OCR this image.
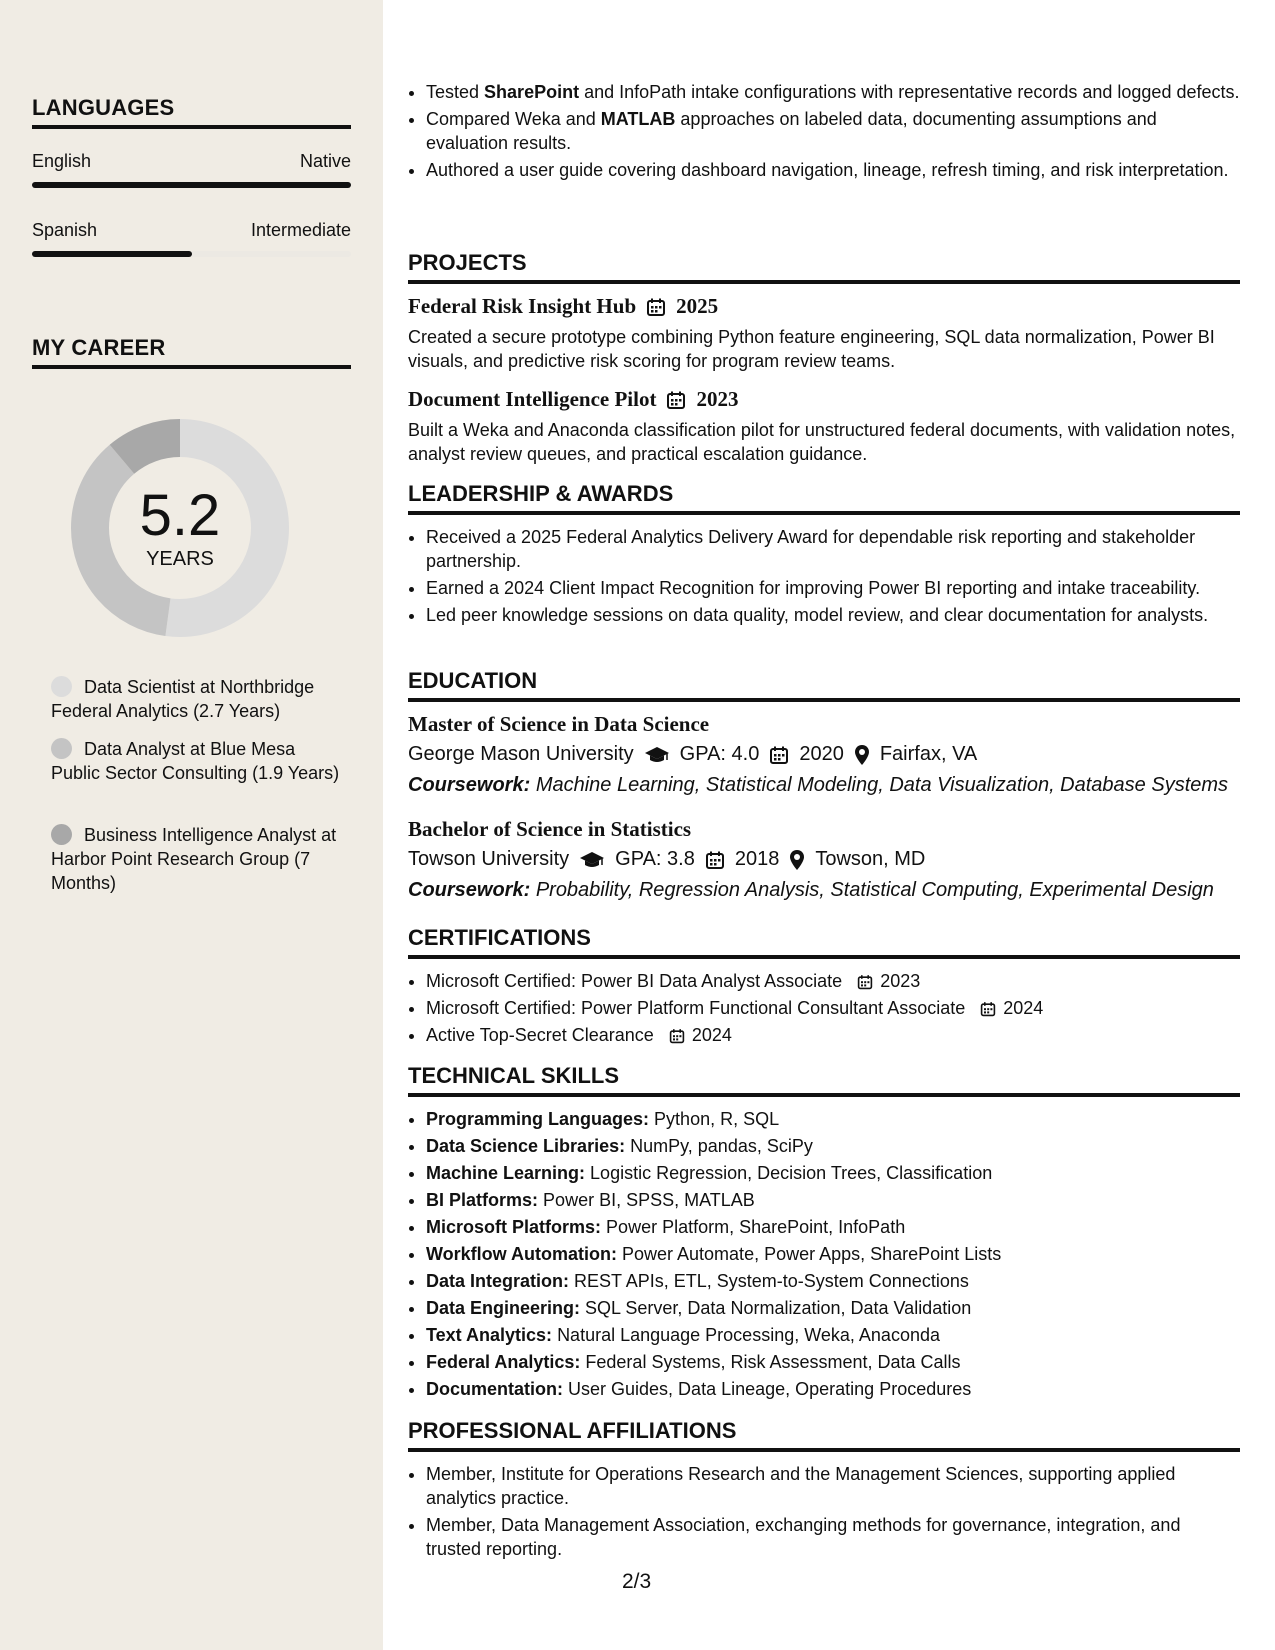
LANGUAGES
English	Native
Spanish	Intermediate
MY CAREER
5.2
YEARS
Data Scientist at Northbridge Federal Analytics (2.7 Years)
Data Analyst at Blue Mesa Public Sector Consulting (1.9 Years)
Business Intelligence Analyst at Harbor Point Research Group (7 Months)
• Tested SharePoint and InfoPath intake configurations with representative records and logged defects.
• Compared Weka and MATLAB approaches on labeled data, documenting assumptions and evaluation results.
• Authored a user guide covering dashboard navigation, lineage, refresh timing, and risk interpretation.
PROJECTS
Federal Risk Insight Hub 2025
Created a secure prototype combining Python feature engineering, SQL data normalization, Power BI visuals, and predictive risk scoring for program review teams.
Document Intelligence Pilot 2023
Built a Weka and Anaconda classification pilot for unstructured federal documents, with validation notes, analyst review queues, and practical escalation guidance.
LEADERSHIP & AWARDS
• Received a 2025 Federal Analytics Delivery Award for dependable risk reporting and stakeholder partnership.
• Earned a 2024 Client Impact Recognition for improving Power BI reporting and intake traceability.
• Led peer knowledge sessions on data quality, model review, and clear documentation for analysts.
EDUCATION
Master of Science in Data Science
George Mason University GPA: 4.0 2020 Fairfax, VA
Coursework: Machine Learning, Statistical Modeling, Data Visualization, Database Systems
Bachelor of Science in Statistics
Towson University GPA: 3.8 2018 Towson, MD
Coursework: Probability, Regression Analysis, Statistical Computing, Experimental Design
CERTIFICATIONS
• Microsoft Certified: Power BI Data Analyst Associate 2023
• Microsoft Certified: Power Platform Functional Consultant Associate 2024
• Active Top-Secret Clearance 2024
TECHNICAL SKILLS
• Programming Languages: Python, R, SQL
• Data Science Libraries: NumPy, pandas, SciPy
• Machine Learning: Logistic Regression, Decision Trees, Classification
• BI Platforms: Power BI, SPSS, MATLAB
• Microsoft Platforms: Power Platform, SharePoint, InfoPath
• Workflow Automation: Power Automate, Power Apps, SharePoint Lists
• Data Integration: REST APIs, ETL, System-to-System Connections
• Data Engineering: SQL Server, Data Normalization, Data Validation
• Text Analytics: Natural Language Processing, Weka, Anaconda
• Federal Analytics: Federal Systems, Risk Assessment, Data Calls
• Documentation: User Guides, Data Lineage, Operating Procedures
PROFESSIONAL AFFILIATIONS
• Member, Institute for Operations Research and the Management Sciences, supporting applied analytics practice.
• Member, Data Management Association, exchanging methods for governance, integration, and trusted reporting.
2/3
